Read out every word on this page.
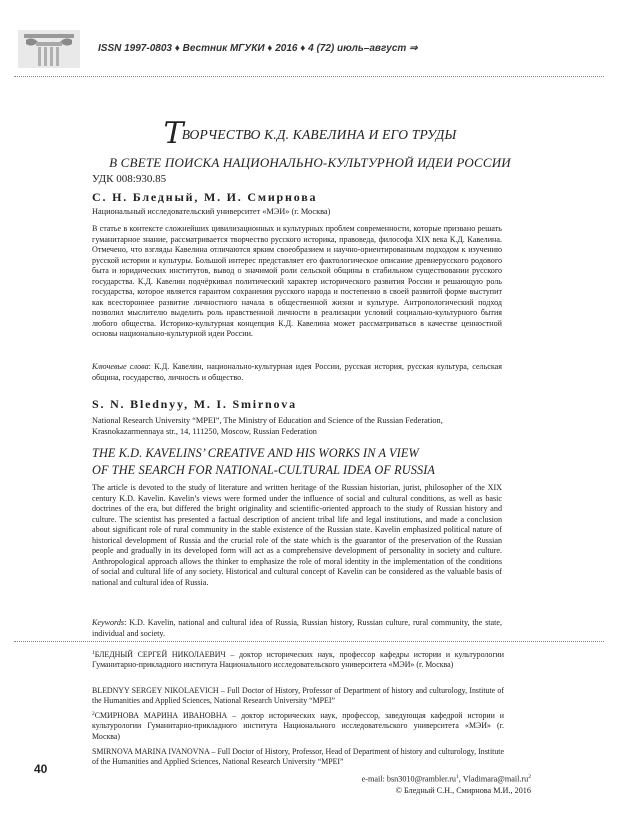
ISSN 1997-0803 ♦ Вестник МГУКИ ♦ 2016 ♦ 4 (72) июль–август ⇒
ТВОРЧЕСТВО К.Д. КАВЕЛИНА И ЕГО ТРУДЫ
В СВЕТЕ ПОИСКА НАЦИОНАЛЬНО-КУЛЬТУРНОЙ ИДЕИ РОССИИ
УДК 008:930.85
С. Н. Бледный, М. И. Смирнова
Национальный исследовательский университет «МЭИ» (г. Москва)
В статье в контексте сложнейших цивилизационных и культурных проблем современности, которые призвано решать гуманитарное знание, рассматривается творчество русского историка, правоведа, философа XIX века К.Д. Кавелина. Отмечено, что взгляды Кавелина отличаются ярким своеобразием и научно-ориентированным подходом к изучению русской истории и культуры. Большой интерес представляет его фактологическое описание древнерусского родового быта и юридических институтов, вывод о значимой роли сельской общины в стабильном существовании русского государства. К.Д. Кавелин подчёркивал политический характер исторического развития России и решающую роль государства, которое является гарантом сохранения русского народа и постепенно в своей развитой форме выступит как всестороннее развитие личностного начала в общественной жизни и культуре. Антропологический подход позволил мыслителю выделить роль нравственной личности в реализации условий социально-культурного бытия любого общества. Историко-культурная концепция К.Д. Кавелина может рассматриваться в качестве ценностной основы национально-культурной идеи России.
Ключевые слова: К.Д. Кавелин, национально-культурная идея России, русская история, русская культура, сельская община, государство, личность и общество.
S. N. Blednyy, M. I. Smirnova
National Research University “MPEI”, The Ministry of Education and Science of the Russian Federation,
Krasnokazarmennaya str., 14, 111250, Moscow, Russian Federation
THE K.D. KAVELINS’ CREATIVE AND HIS WORKS IN A VIEW
OF THE SEARCH FOR NATIONAL-CULTURAL IDEA OF RUSSIA
The article is devoted to the study of literature and written heritage of the Russian historian, jurist, philosopher of the XIX century K.D. Kavelin. Kavelin’s views were formed under the influence of social and cultural conditions, as well as basic doctrines of the era, but differed the bright originality and scientific-oriented approach to the study of Russian history and culture. The scientist has presented a factual description of ancient tribal life and legal institutions, and made a conclusion about significant role of rural community in the stable existence of the Russian state. Kavelin emphasized political nature of historical development of Russia and the crucial role of the state which is the guarantor of the preservation of the Russian people and gradually in its developed form will act as a comprehensive development of personality in society and culture. Anthropological approach allows the thinker to emphasize the role of moral identity in the implementation of the conditions of social and cultural life of any society. Historical and cultural concept of Kavelin can be considered as the valuable basis of national and cultural idea of Russia.
Keywords: K.D. Kavelin, national and cultural idea of Russia, Russian history, Russian culture, rural community, the state, individual and society.
$^1$БЛЕДНЫЙ СЕРГЕЙ НИКОЛАЕВИЧ – доктор исторических наук, профессор кафедры истории и культурологии Гуманитарно-прикладного института Национального исследовательского университета «МЭИ» (г. Москва)
BLEDNYY SERGEY NIKOLAEVICH – Full Doctor of History, Professor of Department of history and culturology, Institute of the Humanities and Applied Sciences, National Research University “MPEI”
$^2$СМИРНОВА МАРИНА ИВАНОВНА – доктор исторических наук, профессор, заведующая кафедрой истории и культурологии Гуманитарно-прикладного института Национального исследовательского университета «МЭИ» (г. Москва)
SMIRNOVA MARINA IVANOVNA – Full Doctor of History, Professor, Head of Department of history and culturology, Institute of the Humanities and Applied Sciences, National Research University “MPEI”
40
e-mail: $bsn3010@rambler.ru^1$, $Vladimara@mail.ru^2$
© Бледный С.Н., Смирнова М.И., 2016
